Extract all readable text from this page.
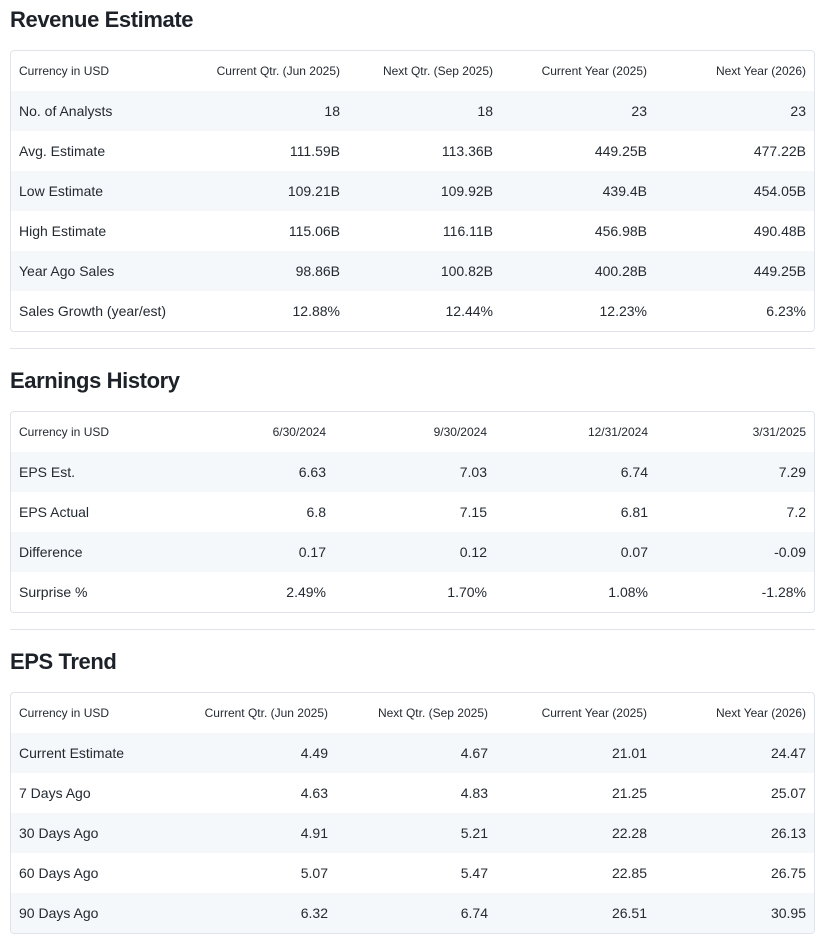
Revenue Estimate
Currency in USD	Current Qtr. (Jun 2025)	Next Qtr. (Sep 2025)	Current Year (2025)	Next Year (2026)
No. of Analysts	18	18	23	23
Avg. Estimate	111.59B	113.36B	449.25B	477.22B
Low Estimate	109.21B	109.92B	439.4B	454.05B
High Estimate	115.06B	116.11B	456.98B	490.48B
Year Ago Sales	98.86B	100.82B	400.28B	449.25B
Sales Growth (year/est)	12.88%	12.44%	12.23%	6.23%
Earnings History
Currency in USD	6/30/2024	9/30/2024	12/31/2024	3/31/2025
EPS Est.	6.63	7.03	6.74	7.29
EPS Actual	6.8	7.15	6.81	7.2
Difference	0.17	0.12	0.07	-0.09
Surprise %	2.49%	1.70%	1.08%	-1.28%
EPS Trend
Currency in USD	Current Qtr. (Jun 2025)	Next Qtr. (Sep 2025)	Current Year (2025)	Next Year (2026)
Current Estimate	4.49	4.67	21.01	24.47
7 Days Ago	4.63	4.83	21.25	25.07
30 Days Ago	4.91	5.21	22.28	26.13
60 Days Ago	5.07	5.47	22.85	26.75
90 Days Ago	6.32	6.74	26.51	30.95
